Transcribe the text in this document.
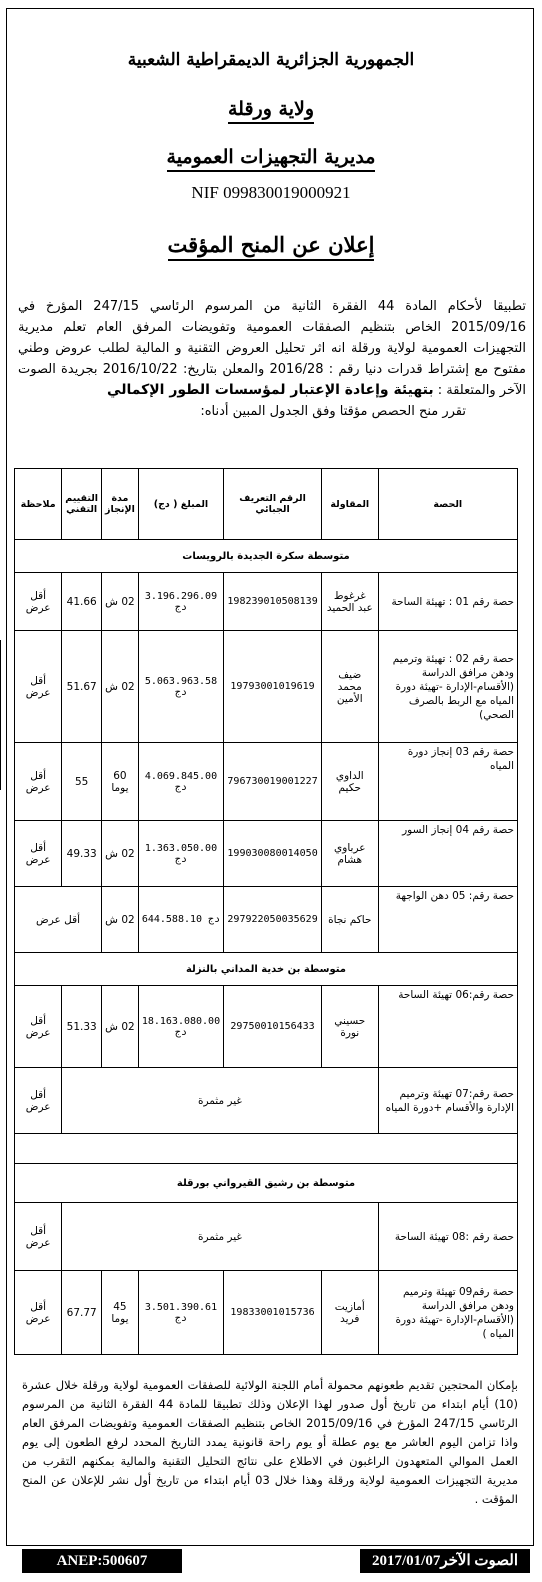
الجمهورية الجزائرية الديمقراطية الشعبية
ولاية ورقلة
مديرية التجهيزات العمومية
NIF 099830019000921
إعلان عن المنح المؤقت
تطبيقا لأحكام المادة 44 الفقرة الثانية من المرسوم الرئاسي 247/15 المؤرخ في 2015/09/16 الخاص بتنظيم الصفقات العمومية وتفويضات المرفق العام تعلم مديرية التجهيزات العمومية لولاية ورقلة انه اثر تحليل العروض التقنية و المالية لطلب عروض وطني مفتوح مع إشتراط قدرات دنيا رقم : 2016/28 والمعلن بتاريخ: 2016/10/22 بجريدة الصوت الآخر والمتعلقة : بتهيئة وإعادة الإعتبار لمؤسسات الطور الإكمالي
تقرر منح الحصص مؤقتا وفق الجدول المبين أدناه:
الحصة	المقاولة	الرقم التعريف الجبائي	المبلغ ( دج)	مدة الإنجاز	التقييم التقني	ملاحظة
متوسطة سكرة الجديدة بالرويسات						
حصة رقم 01 : تهيئة الساحة	غرغوط عبد الحميد	198239010508139	3.196.296.09 دج	02 ش	41.66	أقل عرض
حصة رقم 02 : تهيئة وترميم ودهن مرافق الدراسة (الأقسام-الإدارة -تهيئة دورة المياه مع الربط بالصرف الصحي)	ضيف محمد الأمين	19793001019619	5.063.963.58 دج	02 ش	51.67	أقل عرض
حصة رقم 03 إنجاز دورة المياه	الداوي حكيم	796730019001227	4.069.845.00 دج	60 يوما	55	أقل عرض
حصة رقم 04 إنجاز السور	عرباوي هشام	199030080014050	1.363.050.00 دج	02 ش	49.33	أقل عرض
حصة رقم: 05 دهن الواجهة	حاكم نجاة	297922050035629	644.588.10 دج	02 ش	أقل عرض	
متوسطة بن خدية المداني بالنزلة						
حصة رقم:06 تهيئة الساحة	حسيني نورة	29750010156433	18.163.080.00 دج	02 ش	51.33	أقل عرض
حصة رقم:07 تهيئة وترميم الإدارة والأقسام +دورة المياه	غير مثمرة					أقل عرض

متوسطة بن رشيق القيرواني بورقلة						
حصة رقم :08 تهيئة الساحة	غير مثمرة					أقل عرض
حصة رقم09 تهيئة وترميم ودهن مرافق الدراسة (الأقسام-الإدارة -تهيئة دورة المياه )	أمازيت فريد	19833001015736	3.501.390.61 دج	45 يوما	67.77	أقل عرض
بإمكان المحتجين تقديم طعونهم محمولة أمام اللجنة الولائية للصفقات العمومية لولاية ورقلة خلال عشرة (10) أيام ابتداء من تاريخ أول صدور لهذا الإعلان وذلك تطبيقا للمادة 44 الفقرة الثانية من المرسوم الرئاسي 247/15 المؤرخ في 2015/09/16 الخاص بتنظيم الصفقات العمومية وتفويضات المرفق العام واذا تزامن اليوم العاشر مع يوم عطلة أو يوم راحة قانونية يمدد التاريخ المحدد لرفع الطعون إلى يوم العمل الموالي المتعهدون الراغبون في الاطلاع على نتائج التحليل التقنية والمالية بمكنهم التقرب من مديرية التجهيزات العمومية لولاية ورقلة وهذا خلال 03 أيام ابتداء من تاريخ أول نشر للإعلان عن المنح المؤقت .
ANEP:500607	الصوت الآخر2017/01/07
